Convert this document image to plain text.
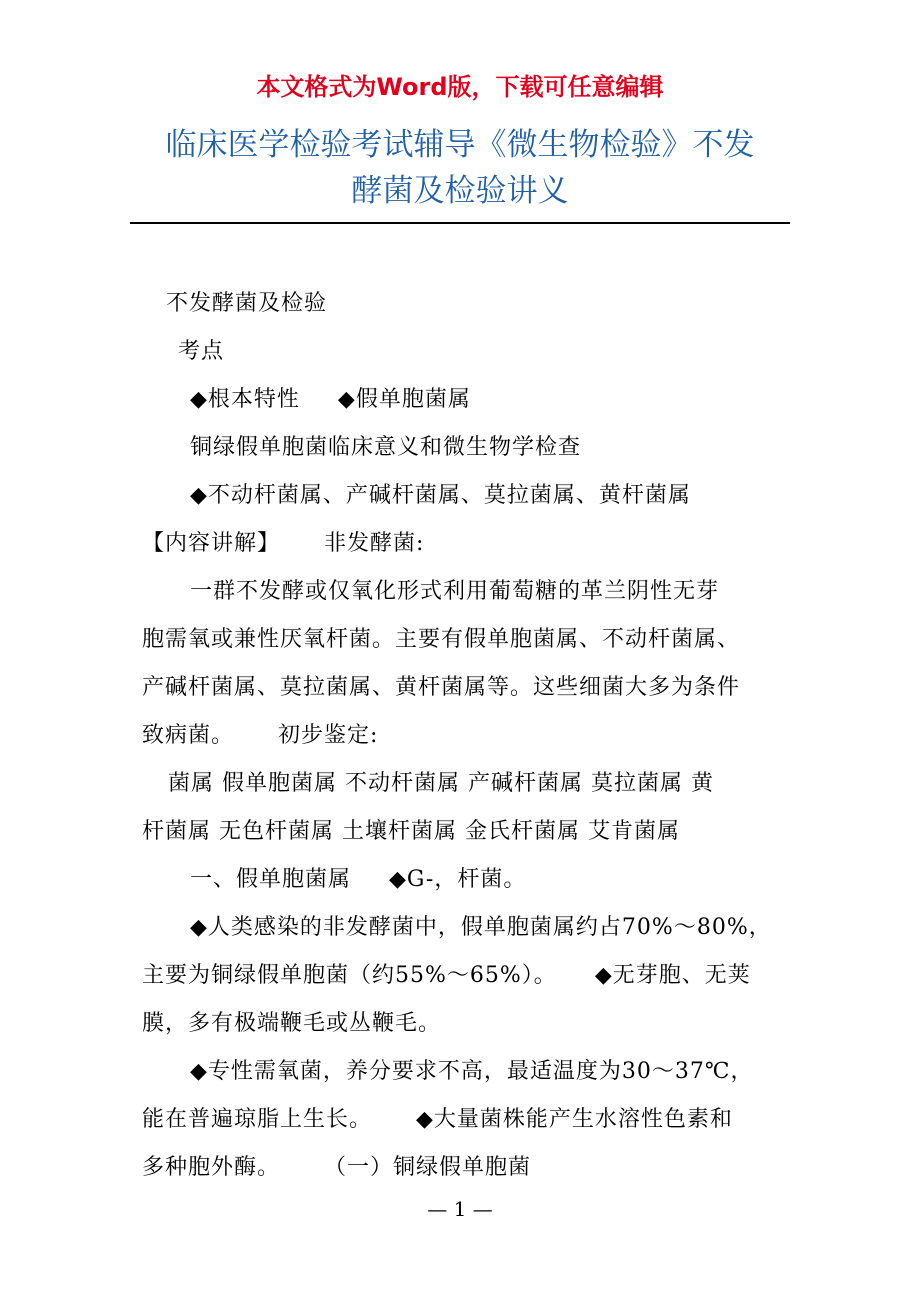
本文格式为Word版，下载可任意编辑
临床医学检验考试辅导《微生物检验》不发
酵菌及检验讲义
不发酵菌及检验
考点
◆根本特性 ◆假单胞菌属
铜绿假单胞菌临床意义和微生物学检查
◆不动杆菌属、产碱杆菌属、莫拉菌属、黄杆菌属
【内容讲解】 非发酵菌:
一群不发酵或仅氧化形式利用葡萄糖的革兰阴性无芽
胞需氧或兼性厌氧杆菌。主要有假单胞菌属、不动杆菌属、
产碱杆菌属、莫拉菌属、黄杆菌属等。这些细菌大多为条件
致病菌。 初步鉴定:
菌属 假单胞菌属 不动杆菌属 产碱杆菌属 莫拉菌属 黄
杆菌属 无色杆菌属 土壤杆菌属 金氏杆菌属 艾肯菌属
一、假单胞菌属 ◆G-，杆菌。
◆人类感染的非发酵菌中，假单胞菌属约占70%～80%，
主要为铜绿假单胞菌（约55%～65%）。 ◆无芽胞、无荚
膜，多有极端鞭毛或丛鞭毛。
◆专性需氧菌，养分要求不高，最适温度为30～37℃，
能在普遍琼脂上生长。 ◆大量菌株能产生水溶性色素和
多种胞外酶。 （一）铜绿假单胞菌
— 1 —
